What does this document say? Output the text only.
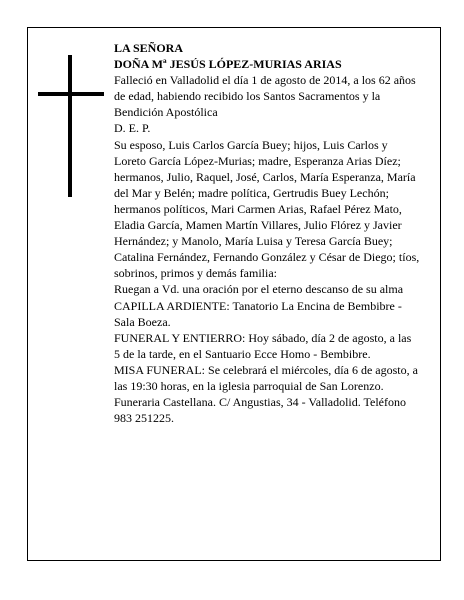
LA SEÑORA

DOÑA Mª JESÚS LÓPEZ-MURIAS ARIAS

Falleció en Valladolid el día 1 de agosto de 2014, a los 62 años de edad, habiendo recibido los Santos Sacramentos y la Bendición Apostólica

D. E. P.

Su esposo, Luis Carlos García Buey; hijos, Luis Carlos y Loreto García López-Murias; madre, Esperanza Arias Díez; hermanos, Julio, Raquel, José, Carlos, María Esperanza, María del Mar y Belén; madre política, Gertrudis Buey Lechón; hermanos políticos, Mari Carmen Arias, Rafael Pérez Mato, Eladia García, Mamen Martín Villares, Julio Flórez y Javier Hernández; y Manolo, María Luisa y Teresa García Buey; Catalina Fernández, Fernando González y César de Diego; tíos, sobrinos, primos y demás familia:

Ruegan a Vd. una oración por el eterno descanso de su alma

CAPILLA ARDIENTE: Tanatorio La Encina de Bembibre - Sala Boeza.

FUNERAL Y ENTIERRO: Hoy sábado, día 2 de agosto, a las 5 de la tarde, en el Santuario Ecce Homo - Bembibre.

MISA FUNERAL: Se celebrará el miércoles, día 6 de agosto, a las 19:30 horas, en la iglesia parroquial de San Lorenzo.

Funeraria Castellana. C/ Angustias, 34 - Valladolid. Teléfono 983 251225.
